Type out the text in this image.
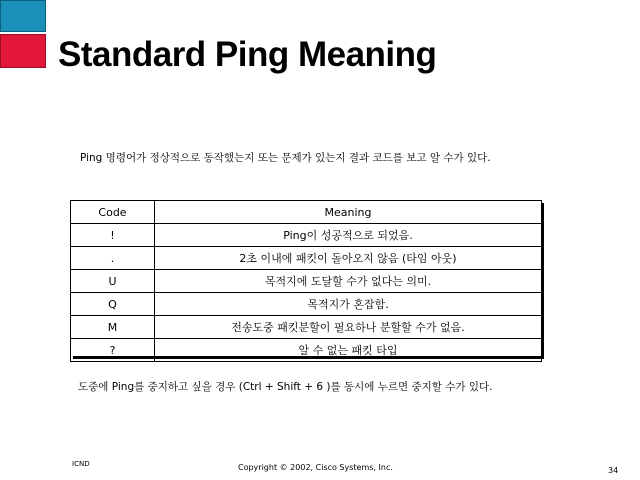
Standard Ping Meaning
Ping 명령어가 정상적으로 동작했는지 또는 문제가 있는지 결과 코드를 보고 알 수가 있다.
Code	Meaning
!	Ping이 성공적으로 되었음.
.	2초 이내에 패킷이 돌아오지 않음 (타임 아웃)
U	목적지에 도달할 수가 없다는 의미.
Q	목적지가 혼잡함.
M	전송도중 패킷분할이 필요하나 분할할 수가 없음.
?	알 수 없는 패킷 타입
도중에 Ping를 중지하고 싶을 경우 (Ctrl + Shift + 6 )를 동시에 누르면 중지할 수가 있다.
ICND	Copyright © 2002, Cisco Systems, Inc.	34
